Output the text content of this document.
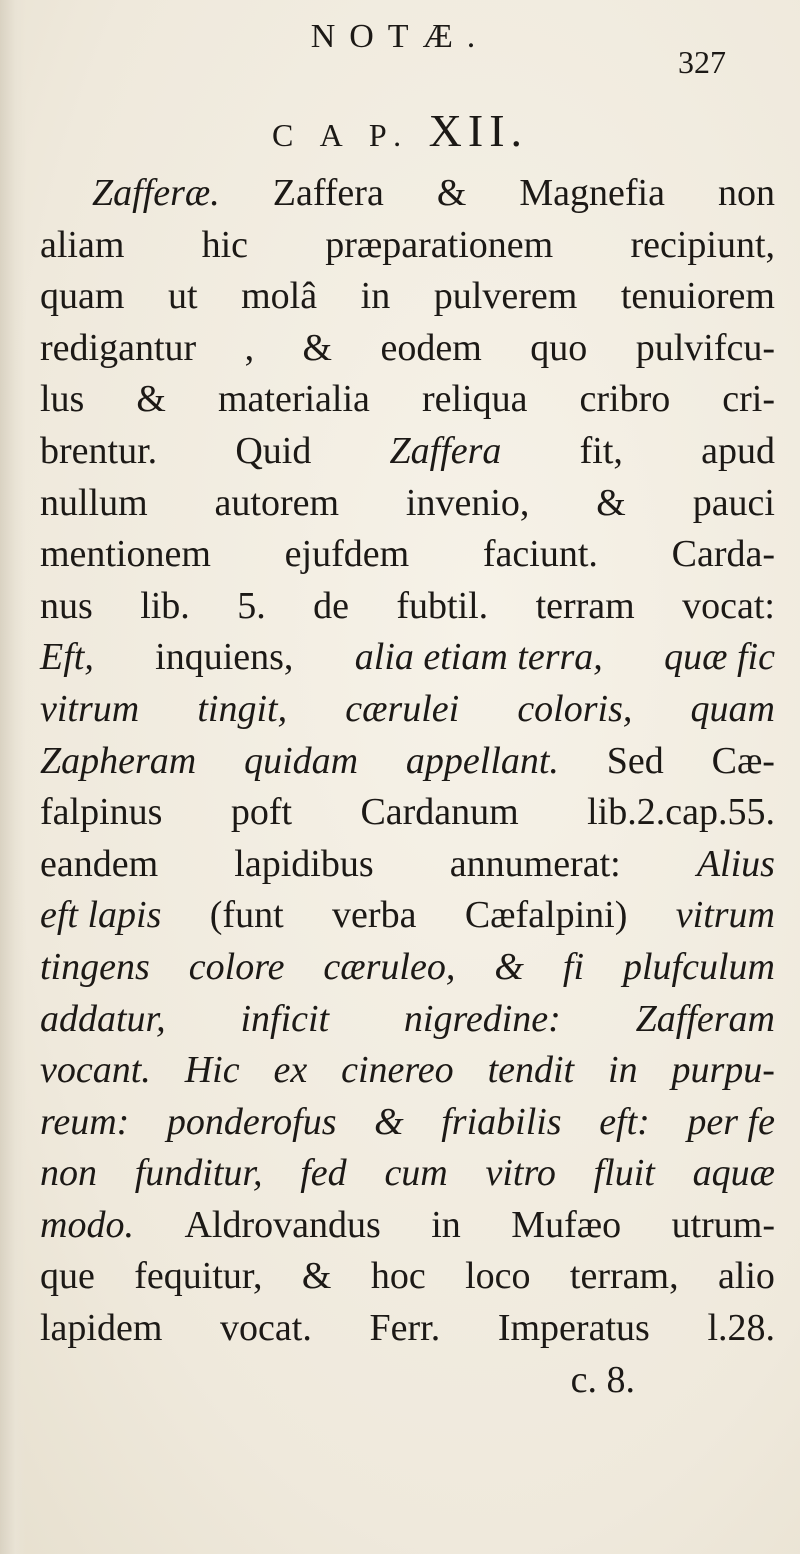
NOTÆ.
327
C A P. XII.
Zafferæ. Zaffera & Magnefia non
aliam hic præparationem recipiunt,
quam ut molâ in pulverem tenuiorem
redigantur , & eodem quo pulvifcu-
lus & materialia reliqua cribro cri-
brentur. Quid Zaffera fit, apud
nullum autorem invenio, & pauci
mentionem ejufdem faciunt. Carda-
nus lib. 5. de fubtil. terram vocat:
Eft, inquiens, alia etiam terra, quæ fic
vitrum tingit, cærulei coloris, quam
Zapheram quidam appellant. Sed Cæ-
falpinus poft Cardanum lib.2.cap.55.
eandem lapidibus annumerat: Alius
eft lapis (funt verba Cæfalpini) vitrum
tingens colore cæruleo, & fi plufculum
addatur, inficit nigredine: Zafferam
vocant. Hic ex cinereo tendit in purpu-
reum: ponderofus & friabilis eft: per fe
non funditur, fed cum vitro fluit aquæ
modo. Aldrovandus in Mufæo utrum-
que fequitur, & hoc loco terram, alio
lapidem vocat. Ferr. Imperatus l.28.
c. 8.
